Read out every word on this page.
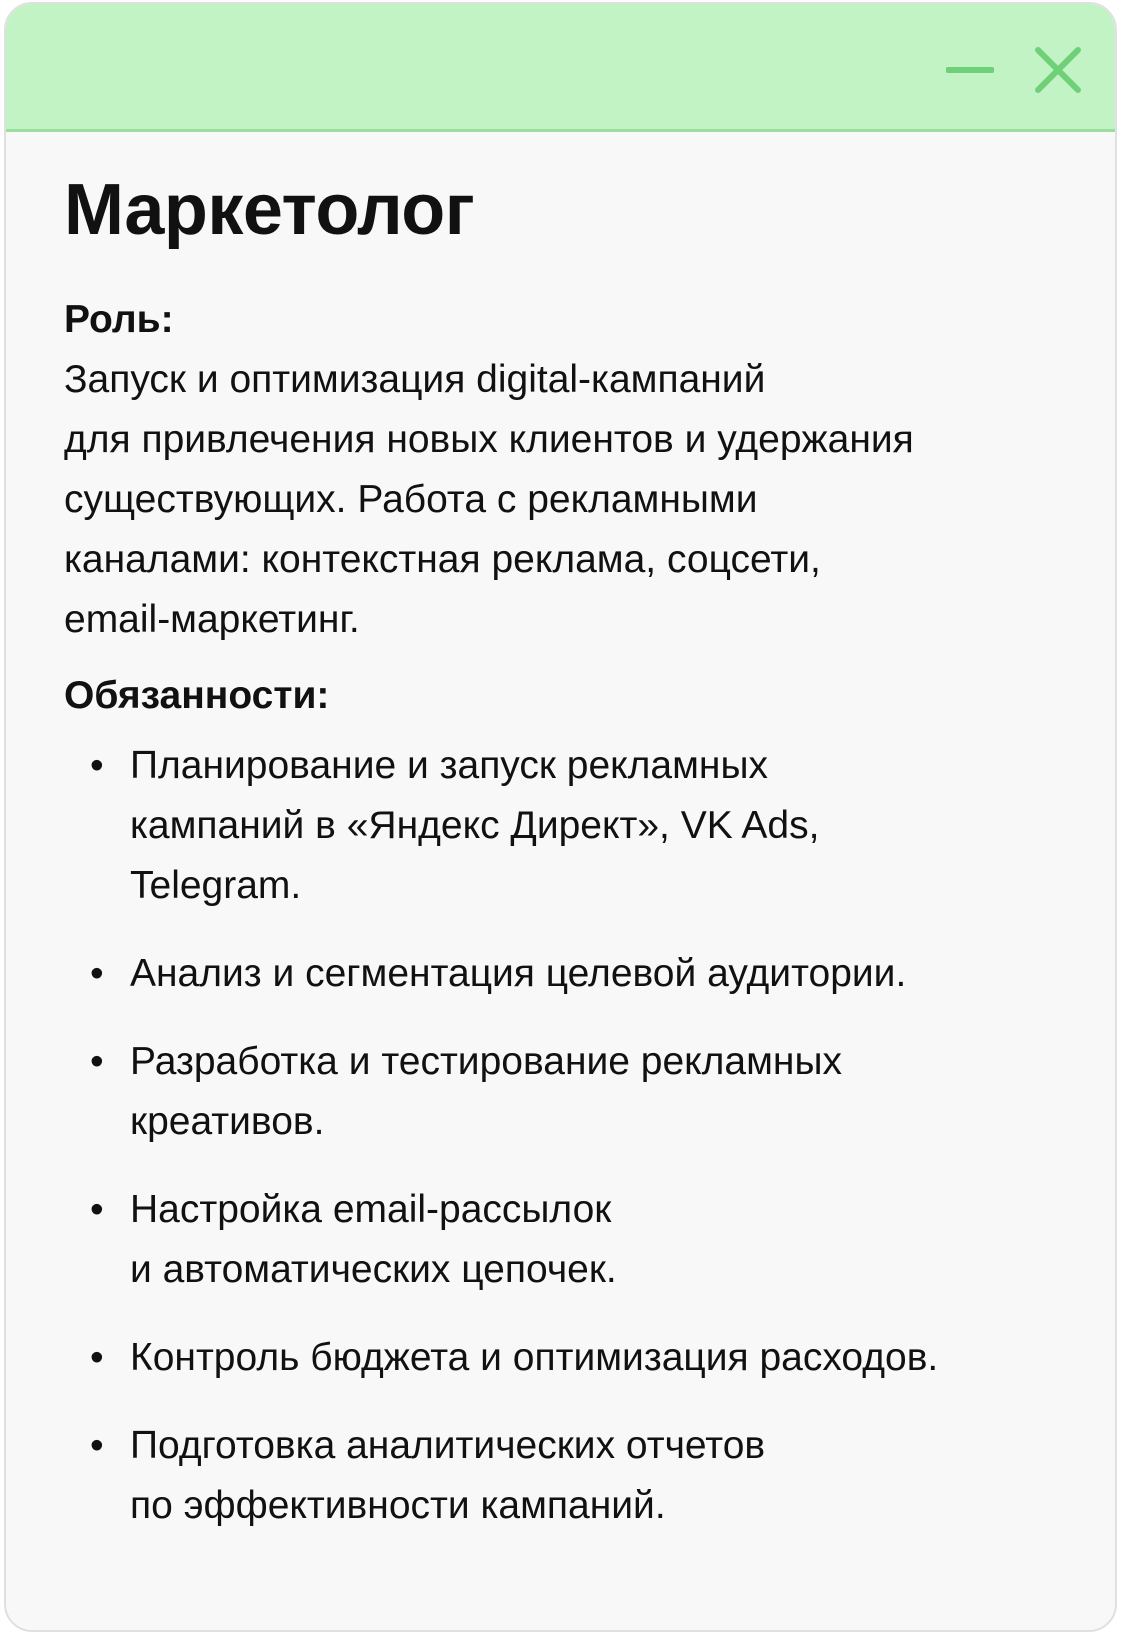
Маркетолог

Роль:

Запуск и оптимизация digital-кампаний
для привлечения новых клиентов и удержания
существующих. Работа с рекламными
каналами: контекстная реклама, соцсети,
email-маркетинг.

Обязанности:

• Планирование и запуск рекламных
кампаний в «Яндекс Директ», VK Ads,
Telegram.
• Анализ и сегментация целевой аудитории.
• Разработка и тестирование рекламных
креативов.
• Настройка email-рассылок
и автоматических цепочек.
• Контроль бюджета и оптимизация расходов.
• Подготовка аналитических отчетов
по эффективности кампаний.
